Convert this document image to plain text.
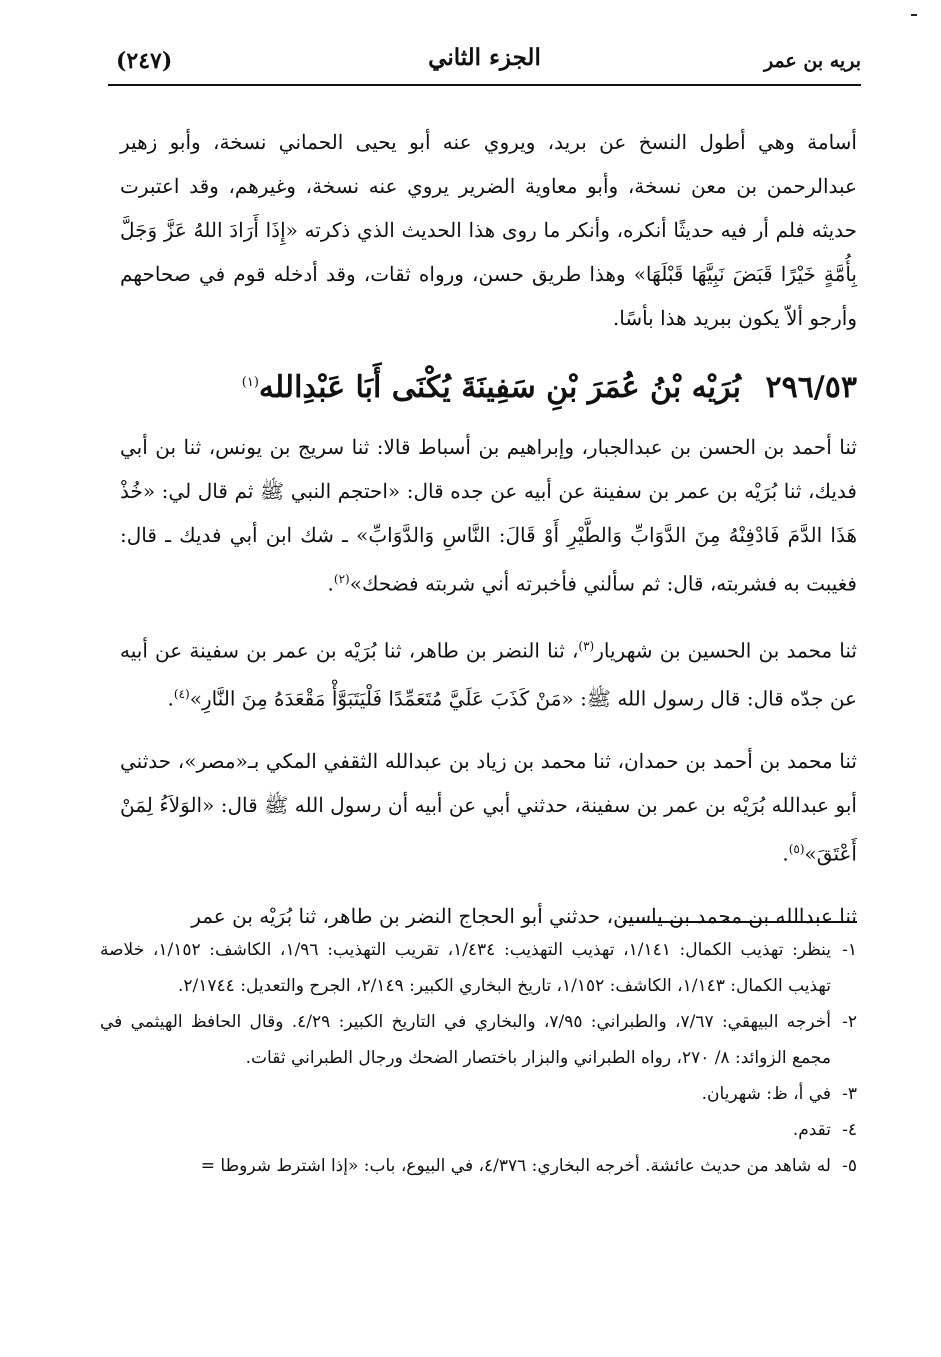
بريه بن عمر
الجزء الثاني
(٢٤٧)

أسامة وهي أطول النسخ عن بريد، ويروي عنه أبو يحيى الحماني نسخة، وأبو زهير عبدالرحمن بن معن نسخة، وأبو معاوية الضرير يروي عنه نسخة، وغيرهم، وقد اعتبرت حديثه فلم أر فيه حديثًا أنكره، وأنكر ما روى هذا الحديث الذي ذكرته «إِذَا أَرَادَ اللهُ عَزَّ وَجَلَّ بِأُمَّةٍ خَيْرًا قَبَضَ نَبِيَّهَا قَبْلَهَا» وهذا طريق حسن، ورواه ثقات، وقد أدخله قوم في صحاحهم وأرجو ألاّ يكون ببريد هذا بأسًا.

٢٩٦/٥٣ بُرَيْه بْنُ عُمَرَ بْنِ سَفِينَةَ يُكْنَى أَبَا عَبْدِالله$^{(١)}$

ثنا أحمد بن الحسن بن عبدالجبار، وإبراهيم بن أسباط قالا: ثنا سريج بن يونس، ثنا بن أبي فديك، ثنا بُرَيْه بن عمر بن سفينة عن أبيه عن جده قال: «احتجم النبي ﷺ ثم قال لي: «خُذْ هَذَا الدَّمَ فَادْفِنْهُ مِنَ الدَّوَابِّ وَالطَّيْرِ أَوْ قَالَ: النَّاسِ وَالدَّوَابِّ» ـ شك ابن أبي فديك ـ قال: فغيبت به فشربته، قال: ثم سألني فأخبرته أني شربته فضحك»$^{(٢)}$.

ثنا محمد بن الحسين بن شهريار$^{(٣)}$، ثنا النضر بن طاهر، ثنا بُرَيْه بن عمر بن سفينة عن أبيه عن جدّه قال: قال رسول الله ﷺ: «مَنْ كَذَبَ عَلَيَّ مُتَعَمِّدًا فَلْيَتَبَوَّأْ مَقْعَدَهُ مِنَ النَّارِ»$^{(٤)}$.

ثنا محمد بن أحمد بن حمدان، ثنا محمد بن زياد بن عبدالله الثقفي المكي بـ«مصر»، حدثني أبو عبدالله بُرَيْه بن عمر بن سفينة، حدثني أبي عن أبيه أن رسول الله ﷺ قال: «الوَلاَءُ لِمَنْ أَعْتَقَ»$^{(٥)}$.

ثنا عبدالله بن محمد بن ياسين، حدثني أبو الحجاج النضر بن طاهر، ثنا بُرَيْه بن عمر

١-
ينظر: تهذيب الكمال: ١/١٤١، تهذيب التهذيب: ١/٤٣٤، تقريب التهذيب: ١/٩٦، الكاشف: ١/١٥٢، خلاصة تهذيب الكمال: ١/١٤٣، الكاشف: ١/١٥٢، تاريخ البخاري الكبير: ٢/١٤٩، الجرح والتعديل: ٢/١٧٤٤.
٢-
أخرجه البيهقي: ٧/٦٧، والطبراني: ٧/٩٥، والبخاري في التاريخ الكبير: ٤/٢٩. وقال الحافظ الهيثمي في مجمع الزوائد: ٨/ ٢٧٠، رواه الطبراني والبزار باختصار الضحك ورجال الطبراني ثقات.
٣-
في أ، ظ: شهريان.
٤-
تقدم.
٥-
له شاهد من حديث عائشة. أخرجه البخاري: ٤/٣٧٦، في البيوع، باب: «إذا اشترط شروطا =
